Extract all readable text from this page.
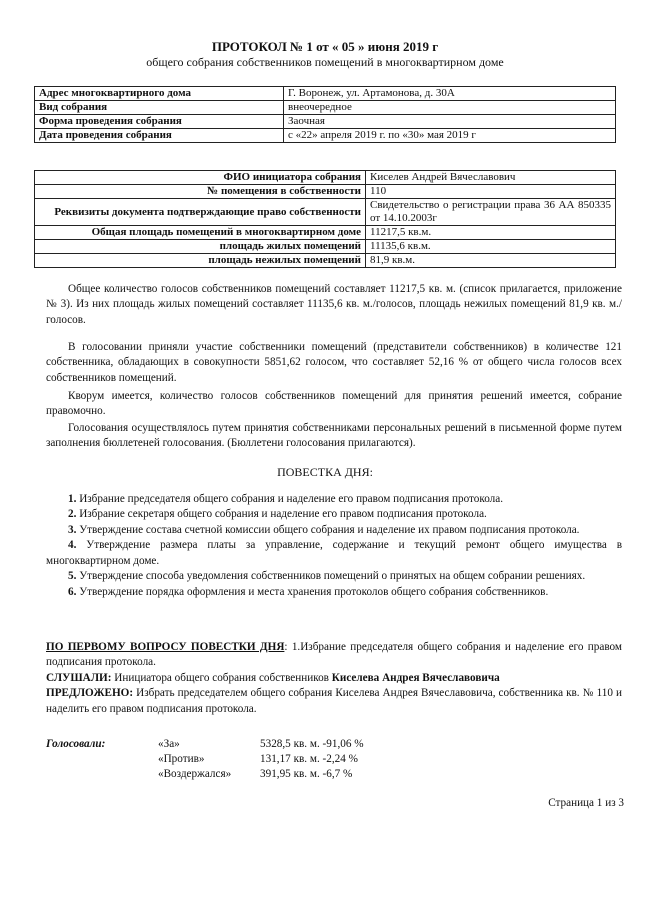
ПРОТОКОЛ № 1 от « 05 » июня 2019 г
общего собрания собственников помещений в многоквартирном доме
Адрес многоквартирного дома	Г. Воронеж, ул. Артамонова, д. 30А
Вид собрания	внеочередное
Форма проведения собрания	Заочная
Дата проведения собрания	с «22» апреля 2019 г. по «30» мая 2019 г
ФИО инициатора собрания	Киселев Андрей Вячеславович
№ помещения в собственности	110
Реквизиты документа подтверждающие право собственности	Свидетельство о регистрации права 36 АА 850335 от 14.10.2003г
Общая площадь помещений в многоквартирном доме	11217,5 кв.м.
площадь жилых помещений	11135,6 кв.м.
площадь нежилых помещений	81,9 кв.м.

Общее количество голосов собственников помещений составляет 11217,5 кв. м. (список прилагается, приложение № 3). Из них площадь жилых помещений составляет 11135,6 кв. м./голосов, площадь нежилых помещений 81,9 кв. м./голосов.

В голосовании приняли участие собственники помещений (представители собственников) в количестве 121 собственника, обладающих в совокупности 5851,62 голосом, что составляет 52,16 % от общего числа голосов всех собственников помещений.

Кворум имеется, количество голосов собственников помещений для принятия решений имеется, собрание правомочно.

Голосования осуществлялось путем принятия собственниками персональных решений в письменной форме путем заполнения бюллетеней голосования. (Бюллетени голосования прилагаются).

ПОВЕСТКА ДНЯ:

1. Избрание председателя общего собрания и наделение его правом подписания протокола.

2. Избрание секретаря общего собрания и наделение его правом подписания протокола.

3. Утверждение состава счетной комиссии общего собрания и наделение их правом подписания протокола.

4. Утверждение размера платы за управление, содержание и текущий ремонт общего имущества в многоквартирном доме.

5. Утверждение способа уведомления собственников помещений о принятых на общем собрании решениях.

6. Утверждение порядка оформления и места хранения протоколов общего собрания собственников.

ПО ПЕРВОМУ ВОПРОСУ ПОВЕСТКИ ДНЯ: 1.Избрание председателя общего собрания и наделение его правом подписания протокола.
СЛУШАЛИ: Инициатора общего собрания собственников Киселева Андрея Вячеславовича
ПРЕДЛОЖЕНО: Избрать председателем общего собрания Киселева Андрея Вячеславовича, собственника кв. № 110 и наделить его правом подписания протокола.
Голосовали:	«За»	5328,5 кв. м. -91,06 %
«Против»	131,17 кв. м. -2,24 %
«Воздержался»	391,95 кв. м. -6,7 %
Страница 1 из 3
